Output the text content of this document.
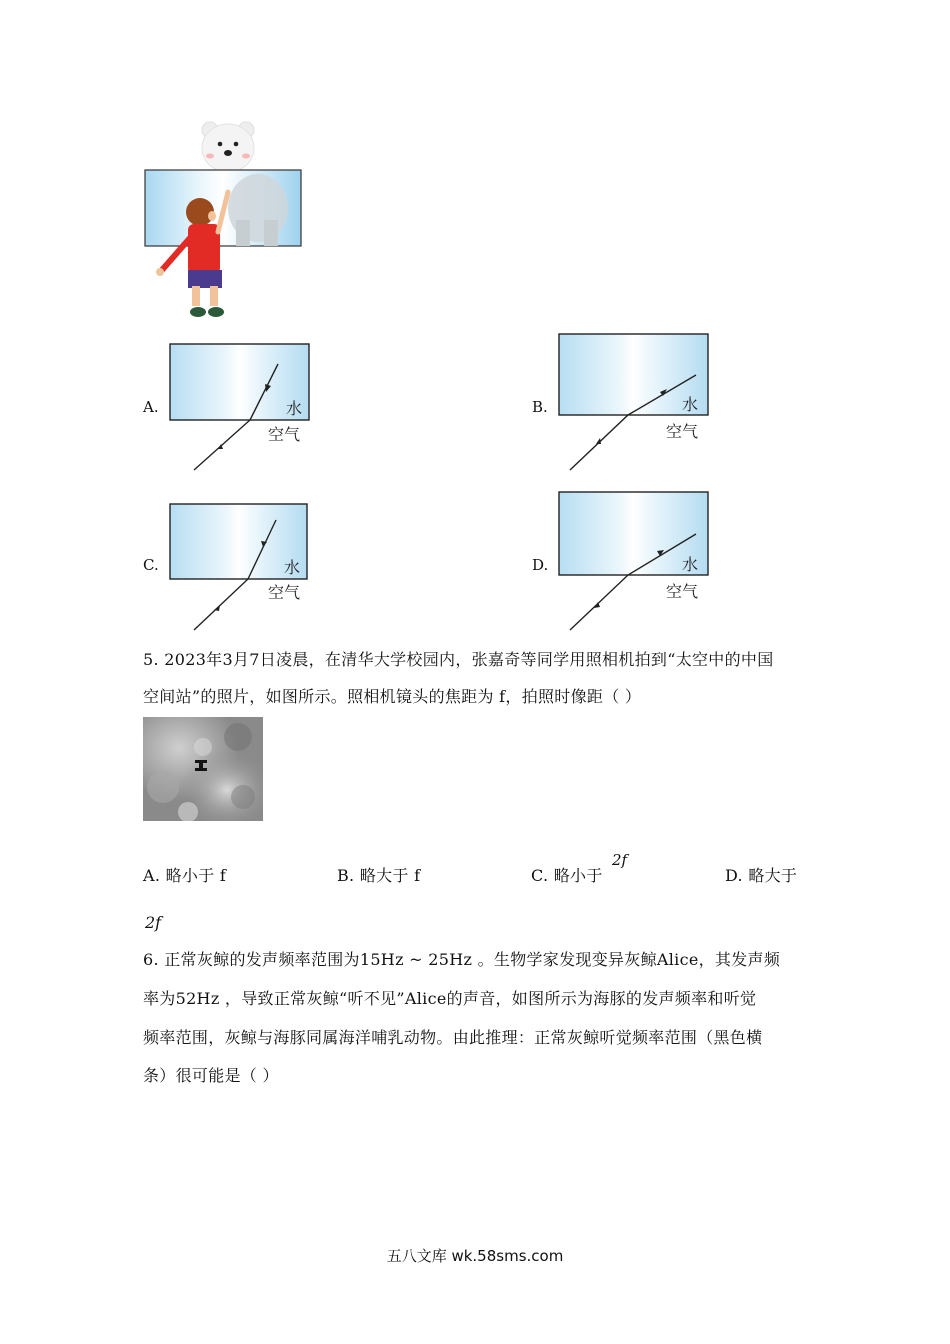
A.	水
空气
B.	水
空气
C.	水
空气
D.	水
空气
5. 2023年3月7日凌晨，在清华大学校园内，张嘉奇等同学用照相机拍到“太空中的中国
空间站”的照片，如图所示。照相机镜头的焦距为 f，拍照时像距（ ）
A. 略小于 f	B. 略大于 f	C. 略小于
2f
D. 略大于
2f
6. 正常灰鲸的发声频率范围为15Hz ~ 25Hz 。生物学家发现变异灰鲸Alice，其发声频
率为52Hz ，导致正常灰鲸“听不见”Alice的声音，如图所示为海豚的发声频率和听觉
频率范围，灰鲸与海豚同属海洋哺乳动物。由此推理：正常灰鲸听觉频率范围（黑色横
条）很可能是（ ）
五八文库 wk.58sms.com
